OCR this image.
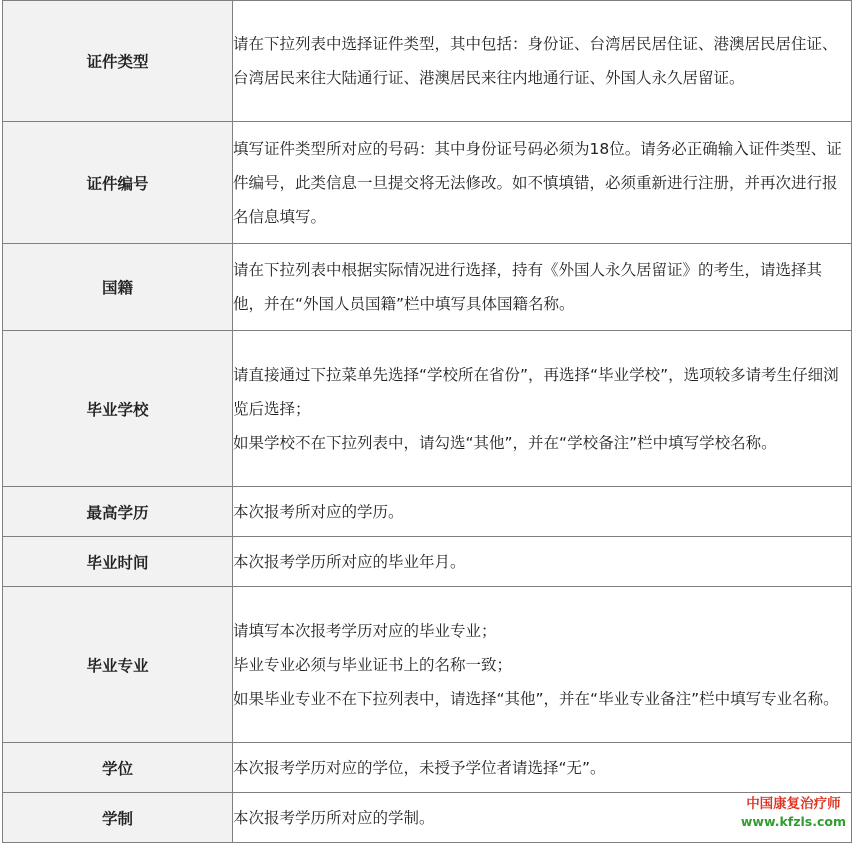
证件类型	请在下拉列表中选择证件类型，其中包括：身份证、台湾居民居住证、港澳居民居住证、台湾居民来往大陆通行证、港澳居民来往内地通行证、外国人永久居留证。

证件编号	填写证件类型所对应的号码：其中身份证号码必须为18位。请务必正确输入证件类型、证件编号，此类信息一旦提交将无法修改。如不慎填错，必须重新进行注册，并再次进行报名信息填写。

国籍	请在下拉列表中根据实际情况进行选择，持有《外国人永久居留证》的考生，请选择其他，并在“外国人员国籍”栏中填写具体国籍名称。

毕业学校	请直接通过下拉菜单先选择“学校所在省份”，再选择“毕业学校”，选项较多请考生仔细浏览后选择；
如果学校不在下拉列表中，请勾选“其他”，并在“学校备注”栏中填写学校名称。

最高学历	本次报考所对应的学历。

毕业时间	本次报考学历所对应的毕业年月。

毕业专业	请填写本次报考学历对应的毕业专业；
毕业专业必须与毕业证书上的名称一致；
如果毕业专业不在下拉列表中，请选择“其他”，并在“毕业专业备注”栏中填写专业名称。

学位	本次报考学历对应的学位，未授予学位者请选择“无”。

学制	本次报考学历所对应的学制。
中国康复治疗师
www.kfzls.com
